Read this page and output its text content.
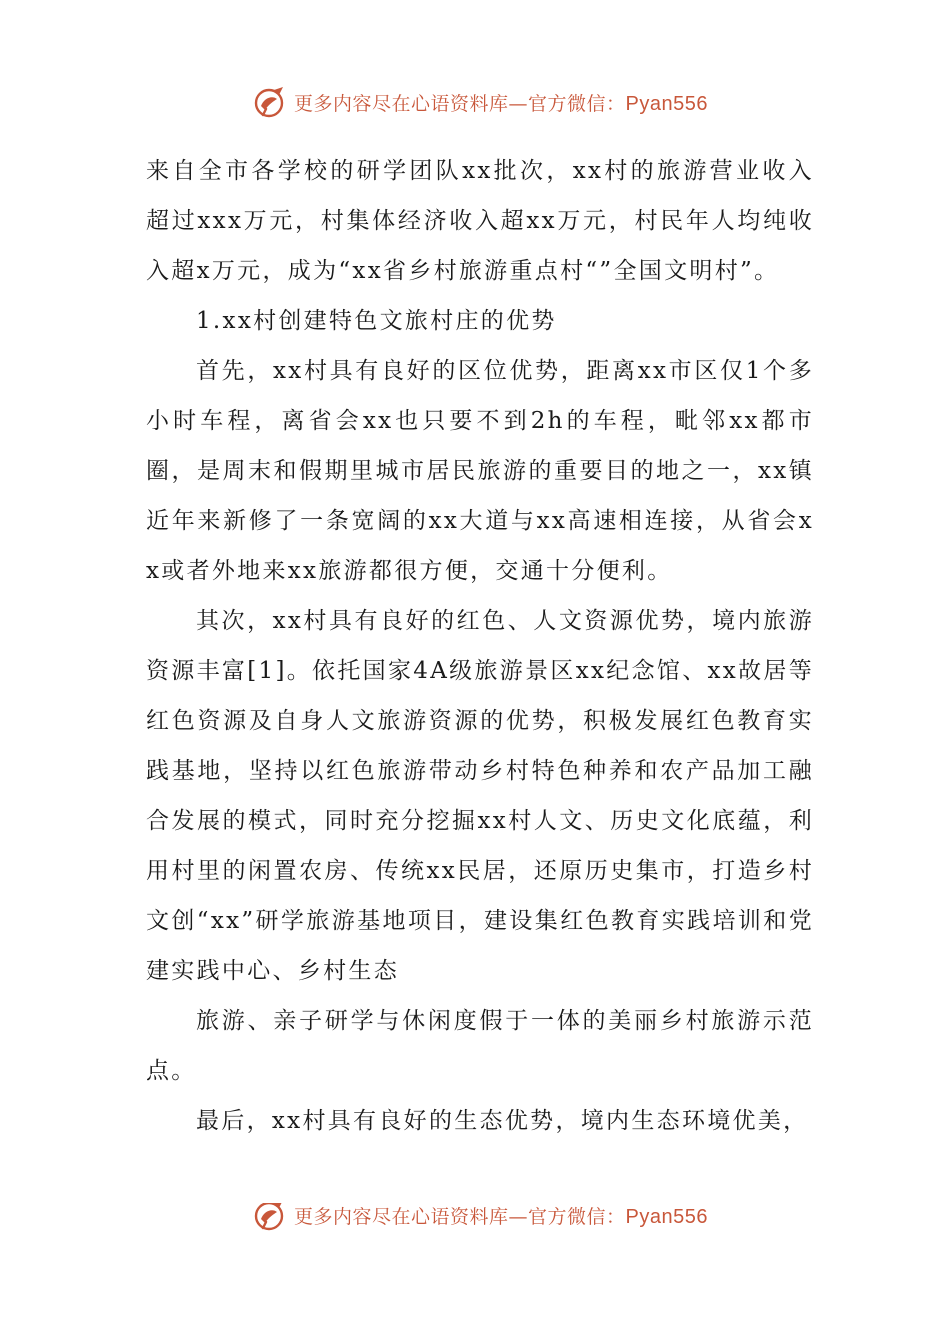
更多内容尽在心语资料库—官方微信：Pyan556

来自全市各学校的研学团队xx批次，xx村的旅游营业收入超过xxx万元，村集体经济收入超xx万元，村民年人均纯收入超x万元，成为“xx省乡村旅游重点村“”全国文明村”。

1.xx村创建特色文旅村庄的优势

首先，xx村具有良好的区位优势，距离xx市区仅1个多小时车程，离省会xx也只要不到2h的车程，毗邻xx都市圈，是周末和假期里城市居民旅游的重要目的地之一，xx镇近年来新修了一条宽阔的xx大道与xx高速相连接，从省会xx或者外地来xx旅游都很方便，交通十分便利。

其次，xx村具有良好的红色、人文资源优势，境内旅游资源丰富[1]。依托国家4A级旅游景区xx纪念馆、xx故居等红色资源及自身人文旅游资源的优势，积极发展红色教育实践基地，坚持以红色旅游带动乡村特色种养和农产品加工融合发展的模式，同时充分挖掘xx村人文、历史文化底蕴，利用村里的闲置农房、传统xx民居，还原历史集市，打造乡村文创“xx”研学旅游基地项目，建设集红色教育实践培训和党建实践中心、乡村生态

旅游、亲子研学与休闲度假于一体的美丽乡村旅游示范点。

最后，xx村具有良好的生态优势，境内生态环境优美，

更多内容尽在心语资料库—官方微信：Pyan556
